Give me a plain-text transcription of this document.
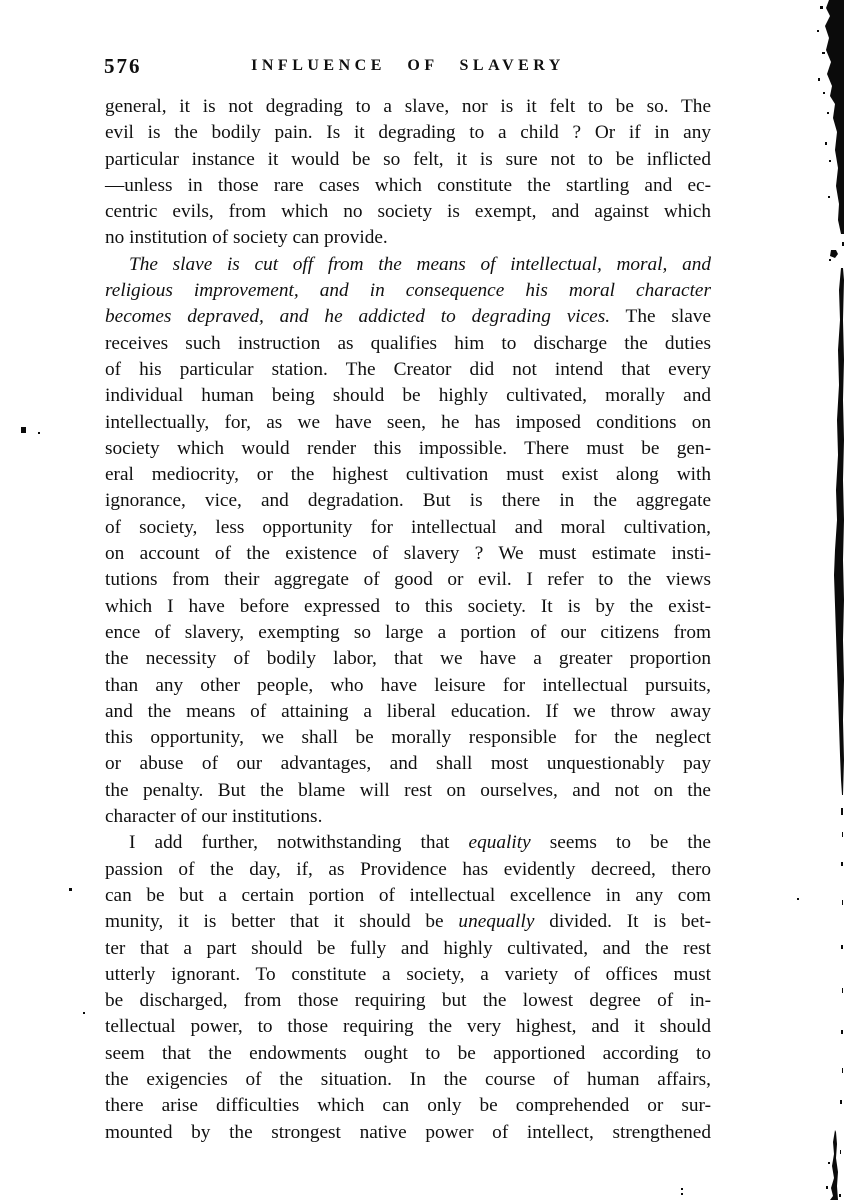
576	INFLUENCE OF SLAVERY
general, it is not degrading to a slave, nor is it felt to be so. The
evil is the bodily pain. Is it degrading to a child ? Or if in any
particular instance it would be so felt, it is sure not to be inflicted
—unless in those rare cases which constitute the startling and ec-
centric evils, from which no society is exempt, and against which
no institution of society can provide.
The slave is cut off from the means of intellectual, moral, and
religious improvement, and in consequence his moral character
becomes depraved, and he addicted to degrading vices. The slave
receives such instruction as qualifies him to discharge the duties
of his particular station. The Creator did not intend that every
individual human being should be highly cultivated, morally and
intellectually, for, as we have seen, he has imposed conditions on
society which would render this impossible. There must be gen-
eral mediocrity, or the highest cultivation must exist along with
ignorance, vice, and degradation. But is there in the aggregate
of society, less opportunity for intellectual and moral cultivation,
on account of the existence of slavery ? We must estimate insti-
tutions from their aggregate of good or evil. I refer to the views
which I have before expressed to this society. It is by the exist-
ence of slavery, exempting so large a portion of our citizens from
the necessity of bodily labor, that we have a greater proportion
than any other people, who have leisure for intellectual pursuits,
and the means of attaining a liberal education. If we throw away
this opportunity, we shall be morally responsible for the neglect
or abuse of our advantages, and shall most unquestionably pay
the penalty. But the blame will rest on ourselves, and not on the
character of our institutions.
I add further, notwithstanding that equality seems to be the
passion of the day, if, as Providence has evidently decreed, thero
can be but a certain portion of intellectual excellence in any com
munity, it is better that it should be unequally divided. It is bet-
ter that a part should be fully and highly cultivated, and the rest
utterly ignorant. To constitute a society, a variety of offices must
be discharged, from those requiring but the lowest degree of in-
tellectual power, to those requiring the very highest, and it should
seem that the endowments ought to be apportioned according to
the exigencies of the situation. In the course of human affairs,
there arise difficulties which can only be comprehended or sur-
mounted by the strongest native power of intellect, strengthened
